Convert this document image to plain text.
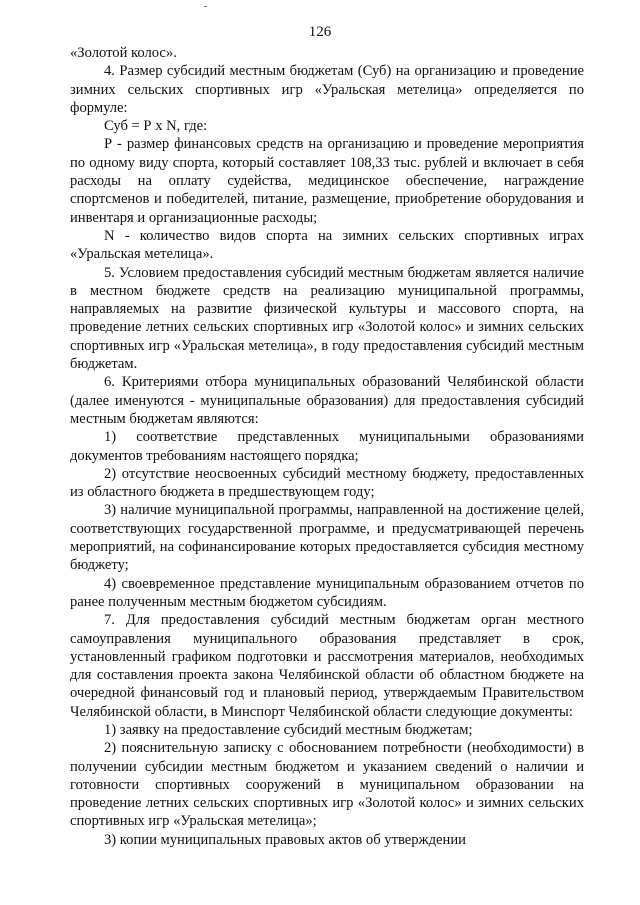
126

«Золотой колос».

4. Размер субсидий местным бюджетам (Суб) на организацию и проведение зимних сельских спортивных игр «Уральская метелица» определяется по формуле:

Суб = Р х N, где:

Р - размер финансовых средств на организацию и проведение мероприятия по одному виду спорта, который составляет 108,33 тыс. рублей и включает в себя расходы на оплату судейства, медицинское обеспечение, награждение спортсменов и победителей, питание, размещение, приобретение оборудования и инвентаря и организационные расходы;

N - количество видов спорта на зимних сельских спортивных играх «Уральская метелица».

5. Условием предоставления субсидий местным бюджетам является наличие в местном бюджете средств на реализацию муниципальной программы, направляемых на развитие физической культуры и массового спорта, на проведение летних сельских спортивных игр «Золотой колос» и зимних сельских спортивных игр «Уральская метелица», в году предоставления субсидий местным бюджетам.

6. Критериями отбора муниципальных образований Челябинской области (далее именуются - муниципальные образования) для предоставления субсидий местным бюджетам являются:

1) соответствие представленных муниципальными образованиями документов требованиям настоящего порядка;

2) отсутствие неосвоенных субсидий местному бюджету, предоставленных из областного бюджета в предшествующем году;

3) наличие муниципальной программы, направленной на достижение целей, соответствующих государственной программе, и предусматривающей перечень мероприятий, на софинансирование которых предоставляется субсидия местному бюджету;

4) своевременное представление муниципальным образованием отчетов по ранее полученным местным бюджетом субсидиям.

7. Для предоставления субсидий местным бюджетам орган местного самоуправления муниципального образования представляет в срок, установленный графиком подготовки и рассмотрения материалов, необходимых для составления проекта закона Челябинской области об областном бюджете на очередной финансовый год и плановый период, утверждаемым Правительством Челябинской области, в Минспорт Челябинской области следующие документы:

1) заявку на предоставление субсидий местным бюджетам;

2) пояснительную записку с обоснованием потребности (необходимости) в получении субсидии местным бюджетом и указанием сведений о наличии и готовности спортивных сооружений в муниципальном образовании на проведение летних сельских спортивных игр «Золотой колос» и зимних сельских спортивных игр «Уральская метелица»;

3) копии муниципальных правовых актов об утверждении
